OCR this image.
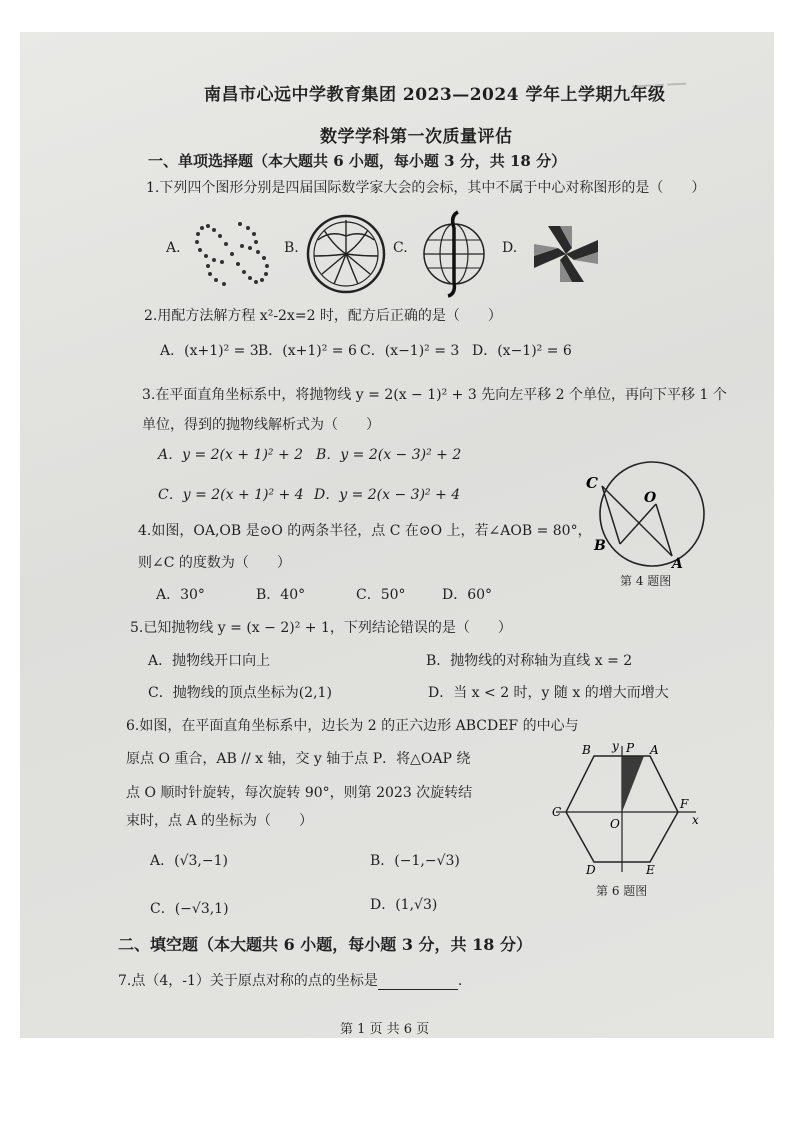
▁▁ ▁ ▁▁
南昌市心远中学教育集团 2023—2024 学年上学期九年级
数学学科第一次质量评估
一、单项选择题（本大题共 6 小题，每小题 3 分，共 18 分）
1.下列四个图形分别是四届国际数学家大会的会标，其中不属于中心对称图形的是（　　）
A.	B.	C.	D.
2.用配方法解方程 x²-2x=2 时，配方后正确的是（　　）
A．(x+1)² = 3 B．(x+1)² = 6 C．(x−1)² = 3 D．(x−1)² = 6
3.在平面直角坐标系中，将抛物线 y = 2(x − 1)² + 3 先向左平移 2 个单位，再向下平移 1 个
单位，得到的抛物线解析式为（　　）
A．y = 2(x + 1)² + 2 B．y = 2(x − 3)² + 2
C．y = 2(x + 1)² + 4 D．y = 2(x − 3)² + 4
C
O
B
A
第 4 题图
4.如图，OA,OB 是⊙O 的两条半径，点 C 在⊙O 上，若∠AOB = 80°，
则∠C 的度数为（　　）
A．30°	B．40°	C．50°	D．60°
5.已知抛物线 y = (x − 2)² + 1，下列结论错误的是（　　）
A．抛物线开口向上	B．抛物线的对称轴为直线 x = 2
C．抛物线的顶点坐标为(2,1)	D．当 x < 2 时，y 随 x 的增大而增大
6.如图，在平面直角坐标系中，边长为 2 的正六边形 ABCDEF 的中心与
原点 O 重合，AB // x 轴，交 y 轴于点 P．将△OAP 绕
点 O 顺时针旋转，每次旋转 90°，则第 2023 次旋转结
束时，点 A 的坐标为（　　）
B y P A
C
F
O	x
D	E
第 6 题图
A．(√3,−1)	B．(−1,−√3)
C．(−√3,1)	D．(1,√3)
二、填空题（本大题共 6 小题，每小题 3 分，共 18 分）
7.点（4，-1）关于原点对称的点的坐标是	.
第 1 页 共 6 页
